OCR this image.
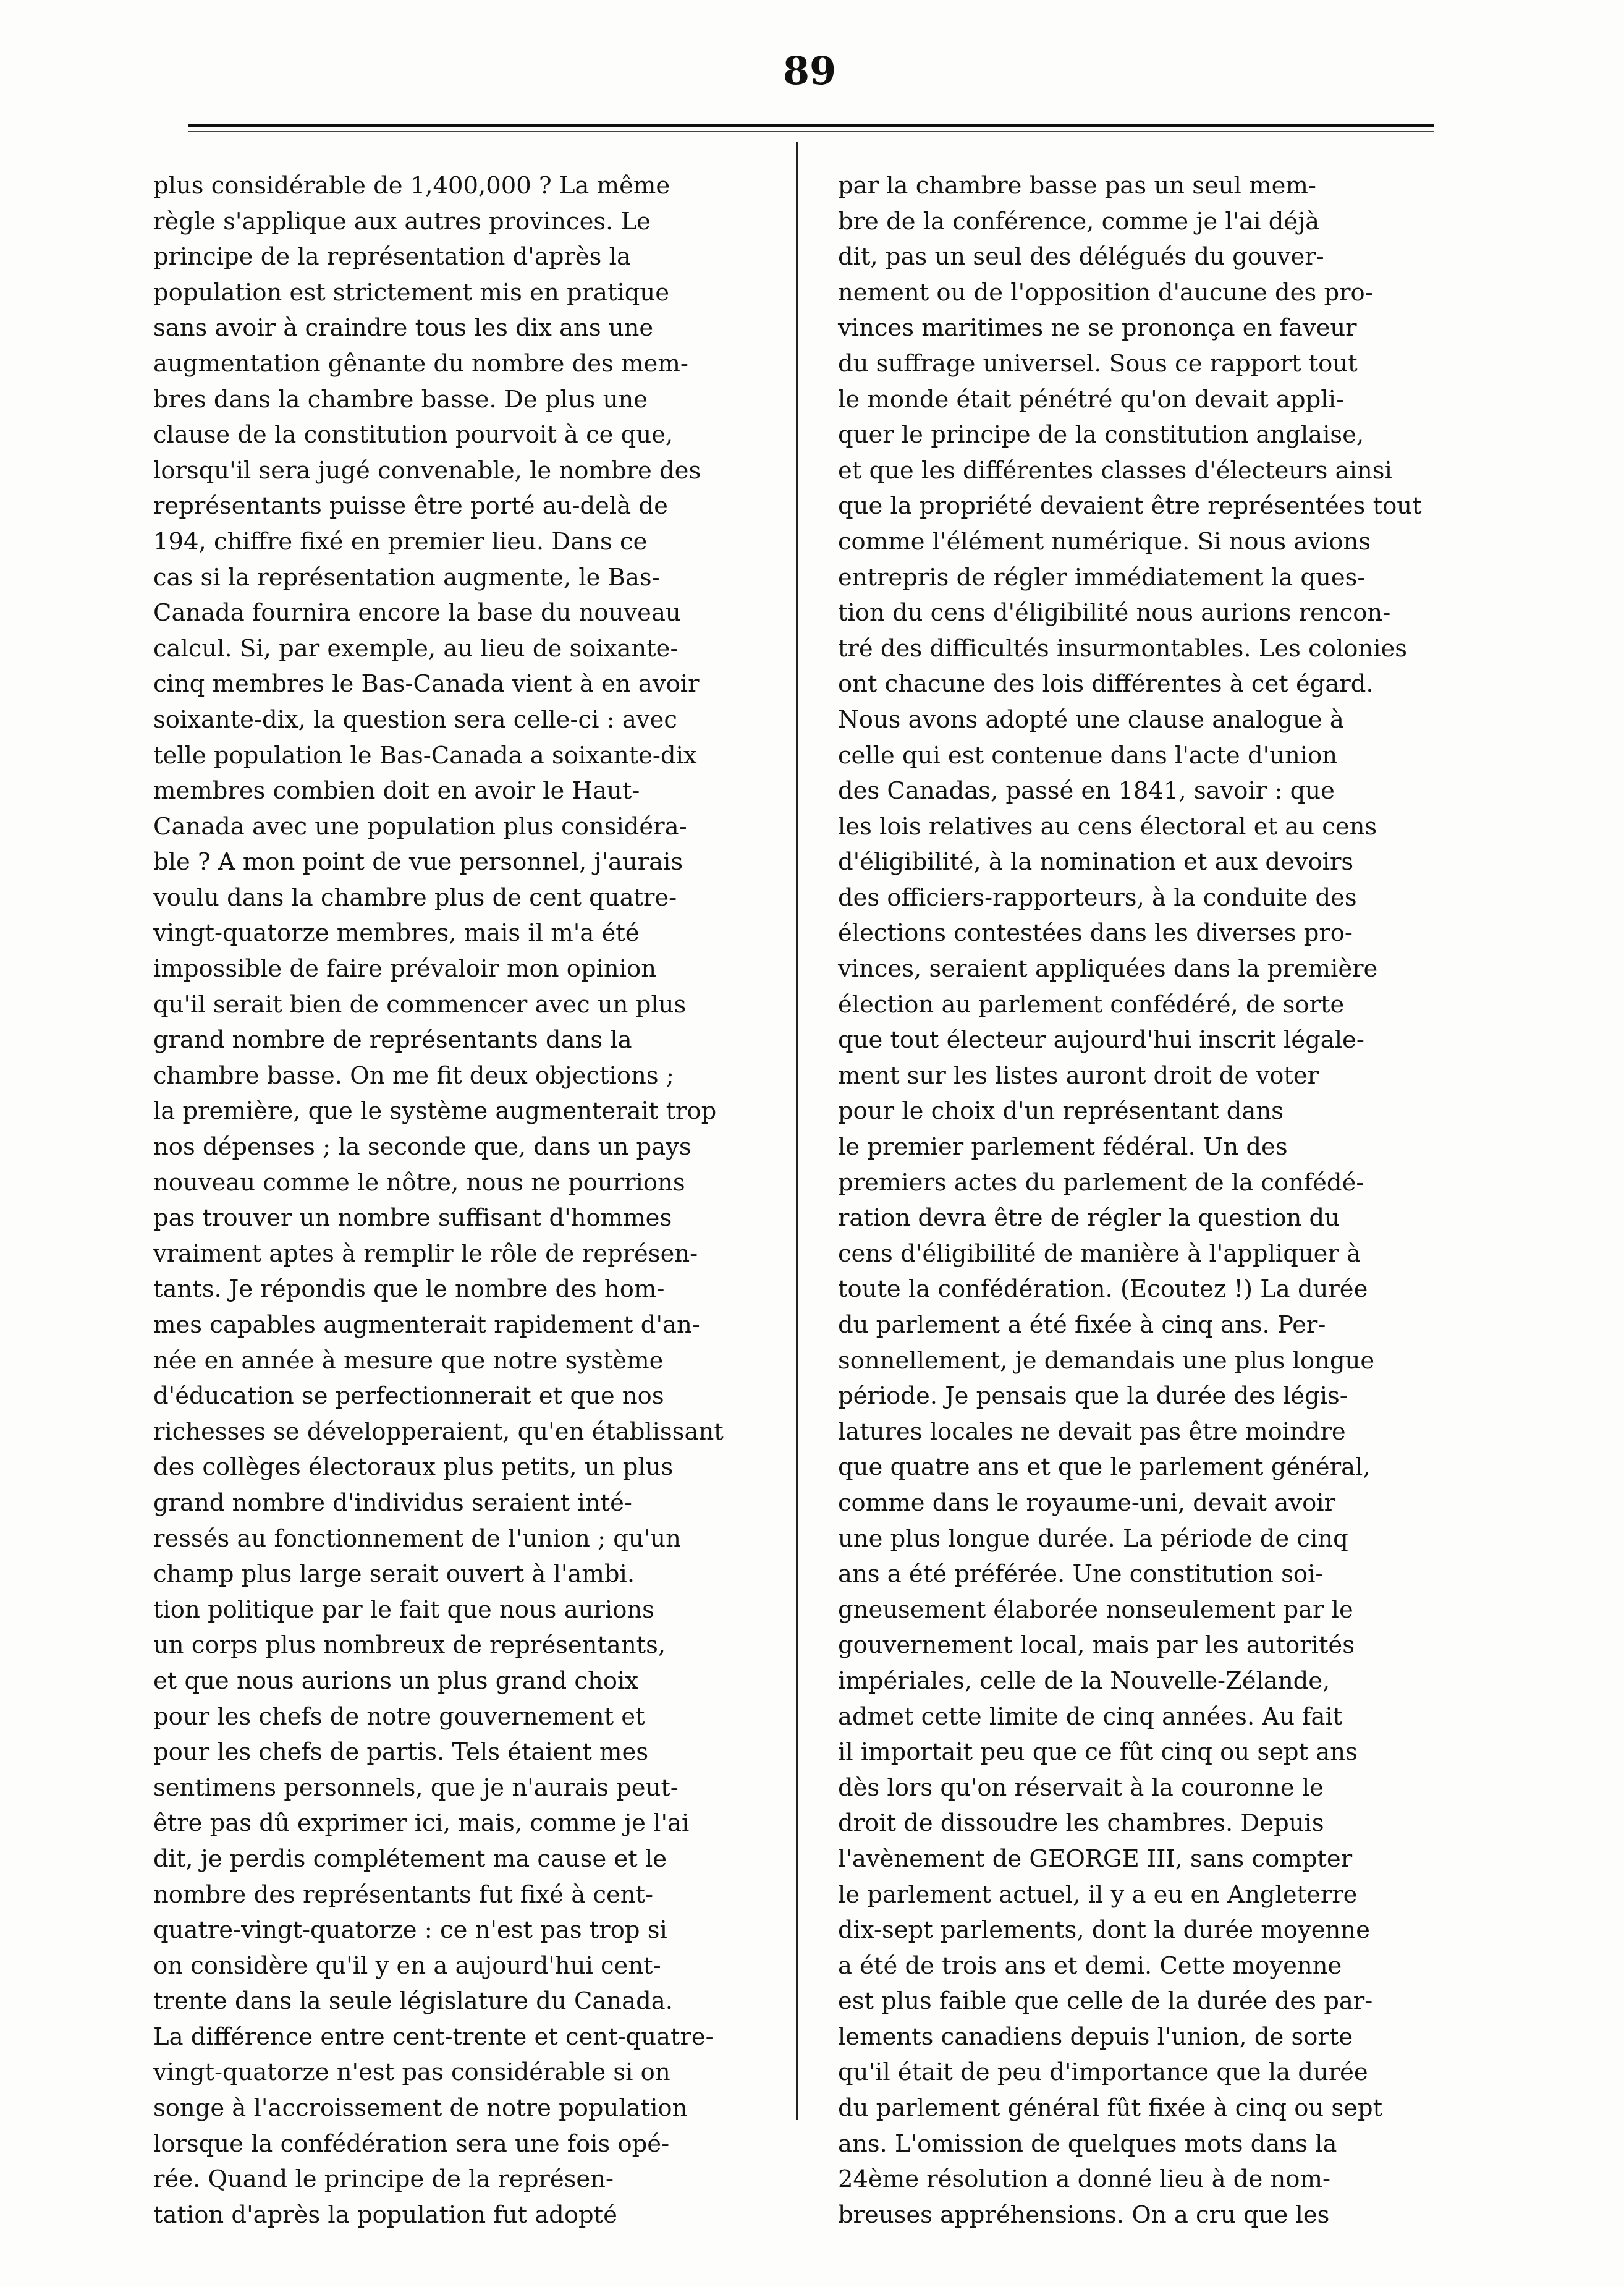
89
plus considérable de 1,400,000 ? La même
règle s'applique aux autres provinces. Le
principe de la représentation d'après la
population est strictement mis en pratique
sans avoir à craindre tous les dix ans une
augmentation gênante du nombre des mem-
bres dans la chambre basse. De plus une
clause de la constitution pourvoit à ce que,
lorsqu'il sera jugé convenable, le nombre des
représentants puisse être porté au-delà de
194, chiffre fixé en premier lieu. Dans ce
cas si la représentation augmente, le Bas-
Canada fournira encore la base du nouveau
calcul. Si, par exemple, au lieu de soixante-
cinq membres le Bas-Canada vient à en avoir
soixante-dix, la question sera celle-ci : avec
telle population le Bas-Canada a soixante-dix
membres combien doit en avoir le Haut-
Canada avec une population plus considéra-
ble ? A mon point de vue personnel, j'aurais
voulu dans la chambre plus de cent quatre-
vingt-quatorze membres, mais il m'a été
impossible de faire prévaloir mon opinion
qu'il serait bien de commencer avec un plus
grand nombre de représentants dans la
chambre basse. On me fit deux objections ;
la première, que le système augmenterait trop
nos dépenses ; la seconde que, dans un pays
nouveau comme le nôtre, nous ne pourrions
pas trouver un nombre suffisant d'hommes
vraiment aptes à remplir le rôle de représen-
tants. Je répondis que le nombre des hom-
mes capables augmenterait rapidement d'an-
née en année à mesure que notre système
d'éducation se perfectionnerait et que nos
richesses se développeraient, qu'en établissant
des collèges électoraux plus petits, un plus
grand nombre d'individus seraient inté-
ressés au fonctionnement de l'union ; qu'un
champ plus large serait ouvert à l'ambi.
tion politique par le fait que nous aurions
un corps plus nombreux de représentants,
et que nous aurions un plus grand choix
pour les chefs de notre gouvernement et
pour les chefs de partis. Tels étaient mes
sentimens personnels, que je n'aurais peut-
être pas dû exprimer ici, mais, comme je l'ai
dit, je perdis complétement ma cause et le
nombre des représentants fut fixé à cent-
quatre-vingt-quatorze : ce n'est pas trop si
on considère qu'il y en a aujourd'hui cent-
trente dans la seule législature du Canada.
La différence entre cent-trente et cent-quatre-
vingt-quatorze n'est pas considérable si on
songe à l'accroissement de notre population
lorsque la confédération sera une fois opé-
rée. Quand le principe de la représen-
tation d'après la population fut adopté
par la chambre basse pas un seul mem-
bre de la conférence, comme je l'ai déjà
dit, pas un seul des délégués du gouver-
nement ou de l'opposition d'aucune des pro-
vinces maritimes ne se prononça en faveur
du suffrage universel. Sous ce rapport tout
le monde était pénétré qu'on devait appli-
quer le principe de la constitution anglaise,
et que les différentes classes d'électeurs ainsi
que la propriété devaient être représentées tout
comme l'élément numérique. Si nous avions
entrepris de régler immédiatement la ques-
tion du cens d'éligibilité nous aurions rencon-
tré des difficultés insurmontables. Les colonies
ont chacune des lois différentes à cet égard.
Nous avons adopté une clause analogue à
celle qui est contenue dans l'acte d'union
des Canadas, passé en 1841, savoir : que
les lois relatives au cens électoral et au cens
d'éligibilité, à la nomination et aux devoirs
des officiers-rapporteurs, à la conduite des
élections contestées dans les diverses pro-
vinces, seraient appliquées dans la première
élection au parlement confédéré, de sorte
que tout électeur aujourd'hui inscrit légale-
ment sur les listes auront droit de voter
pour le choix d'un représentant dans
le premier parlement fédéral. Un des
premiers actes du parlement de la confédé-
ration devra être de régler la question du
cens d'éligibilité de manière à l'appliquer à
toute la confédération. (Ecoutez !) La durée
du parlement a été fixée à cinq ans. Per-
sonnellement, je demandais une plus longue
période. Je pensais que la durée des légis-
latures locales ne devait pas être moindre
que quatre ans et que le parlement général,
comme dans le royaume-uni, devait avoir
une plus longue durée. La période de cinq
ans a été préférée. Une constitution soi-
gneusement élaborée nonseulement par le
gouvernement local, mais par les autorités
impériales, celle de la Nouvelle-Zélande,
admet cette limite de cinq années. Au fait
il importait peu que ce fût cinq ou sept ans
dès lors qu'on réservait à la couronne le
droit de dissoudre les chambres. Depuis
l'avènement de GEORGE III, sans compter
le parlement actuel, il y a eu en Angleterre
dix-sept parlements, dont la durée moyenne
a été de trois ans et demi. Cette moyenne
est plus faible que celle de la durée des par-
lements canadiens depuis l'union, de sorte
qu'il était de peu d'importance que la durée
du parlement général fût fixée à cinq ou sept
ans. L'omission de quelques mots dans la
24ème résolution a donné lieu à de nom-
breuses appréhensions. On a cru que les
